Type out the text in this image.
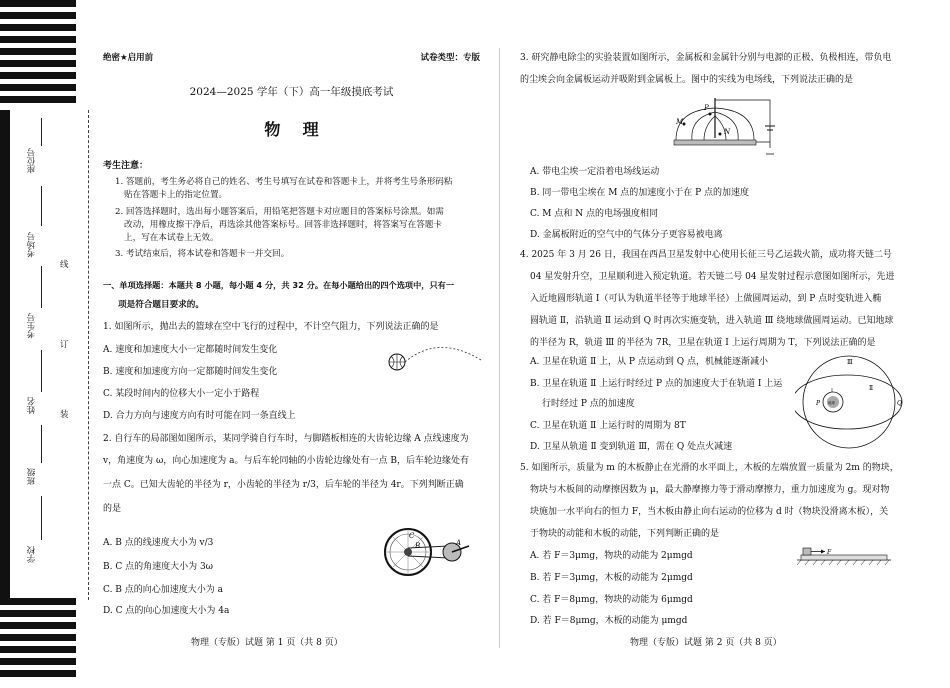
座位号
考场号
考生号
姓名
班级
学校
线
订
装
绝密★启用前	试卷类型：专版
2024—2025 学年（下）高一年级摸底考试
物    理
考生注意：
1. 答题前，考生务必将自己的姓名、考生号填写在试卷和答题卡上，并将考生号条形码粘
贴在答题卡上的指定位置。
2. 回答选择题时，选出每小题答案后，用铅笔把答题卡对应题目的答案标号涂黑。如需
改动，用橡皮擦干净后，再选涂其他答案标号。回答非选择题时，将答案写在答题卡
上，写在本试卷上无效。
3. 考试结束后，将本试卷和答题卡一并交回。
一、单项选择题：本题共 8 小题，每小题 4 分，共 32 分。在每小题给出的四个选项中，只有一
项是符合题目要求的。
1. 如图所示，抛出去的篮球在空中飞行的过程中，不计空气阻力，下列说法正确的是
A. 速度和加速度大小一定都随时间发生变化
B. 速度和加速度方向一定都随时间发生变化
C. 某段时间内的位移大小一定小于路程
D. 合力方向与速度方向有时可能在同一条直线上
2. 自行车的局部图如图所示，某同学骑自行车时，与脚踏板相连的大齿轮边缘 A 点线速度为
v，角速度为 ω，向心加速度为 a。与后车轮同轴的小齿轮边缘处有一点 B，后车轮边缘处有
一点 C。已知大齿轮的半径为 r，小齿轮的半径为 r/3，后车轮的半径为 4r。下列判断正确
的是
A. B 点的线速度大小为 v/3
B. C 点的角速度大小为 3ω
C. B 点的向心加速度大小为 a
D. C 点的向心加速度大小为 4a
C
B	A
物理（专版）试题 第 1 页（共 8 页）
3. 研究静电除尘的实验装置如图所示，金属板和金属针分别与电源的正极、负极相连，带负电
的尘埃会向金属板运动并吸附到金属板上。图中的实线为电场线，下列说法正确的是
M
P
N
A. 带电尘埃一定沿着电场线运动
B. 同一带电尘埃在 M 点的加速度小于在 P 点的加速度
C. M 点和 N 点的电场强度相同
D. 金属板附近的空气中的气体分子更容易被电离
4. 2025 年 3 月 26 日，我国在西昌卫星发射中心使用长征三号乙运载火箭，成功将天链二号
04 星发射升空，卫星顺利进入预定轨道。若天链二号 04 星发射过程示意图如图所示，先进
入近地圆形轨道 Ⅰ（可认为轨道半径等于地球半径）上做圆周运动，到 P 点时变轨进入椭
圆轨道 Ⅱ，沿轨道 Ⅱ 运动到 Q 时再次实施变轨，进入轨道 Ⅲ 绕地球做圆周运动。已知地球
的半径为 R，轨道 Ⅲ 的半径为 7R，卫星在轨道 Ⅰ 上运行周期为 T，下列说法正确的是
A. 卫星在轨道 Ⅱ 上，从 P 点运动到 Q 点，机械能逐渐减小
B. 卫星在轨道 Ⅱ 上运行时经过 P 点的加速度大于在轨道 Ⅰ 上运
行时经过 P 点的加速度
C. 卫星在轨道 Ⅱ 上运行时的周期为 8T
D. 卫星从轨道 Ⅱ 变到轨道 Ⅲ，需在 Q 处点火减速
Ⅲ
Ⅱ
Ⅰ
P	Q
地球
5. 如图所示，质量为 m 的木板静止在光滑的水平面上，木板的左端放置一质量为 2m 的物块，
物块与木板间的动摩擦因数为 μ，最大静摩擦力等于滑动摩擦力，重力加速度为 g。现对物
块施加一水平向右的恒力 F，当木板由静止向右运动的位移为 d 时（物块没滑离木板），关
于物块的动能和木板的动能，下列判断正确的是
A. 若 F＝3μmg，物块的动能为 2μmgd
B. 若 F＝3μmg，木板的动能为 2μmgd
C. 若 F＝8μmg，物块的动能为 6μmgd
D. 若 F＝8μmg，木板的动能为 μmgd
F
物理（专版）试题 第 2 页（共 8 页）
